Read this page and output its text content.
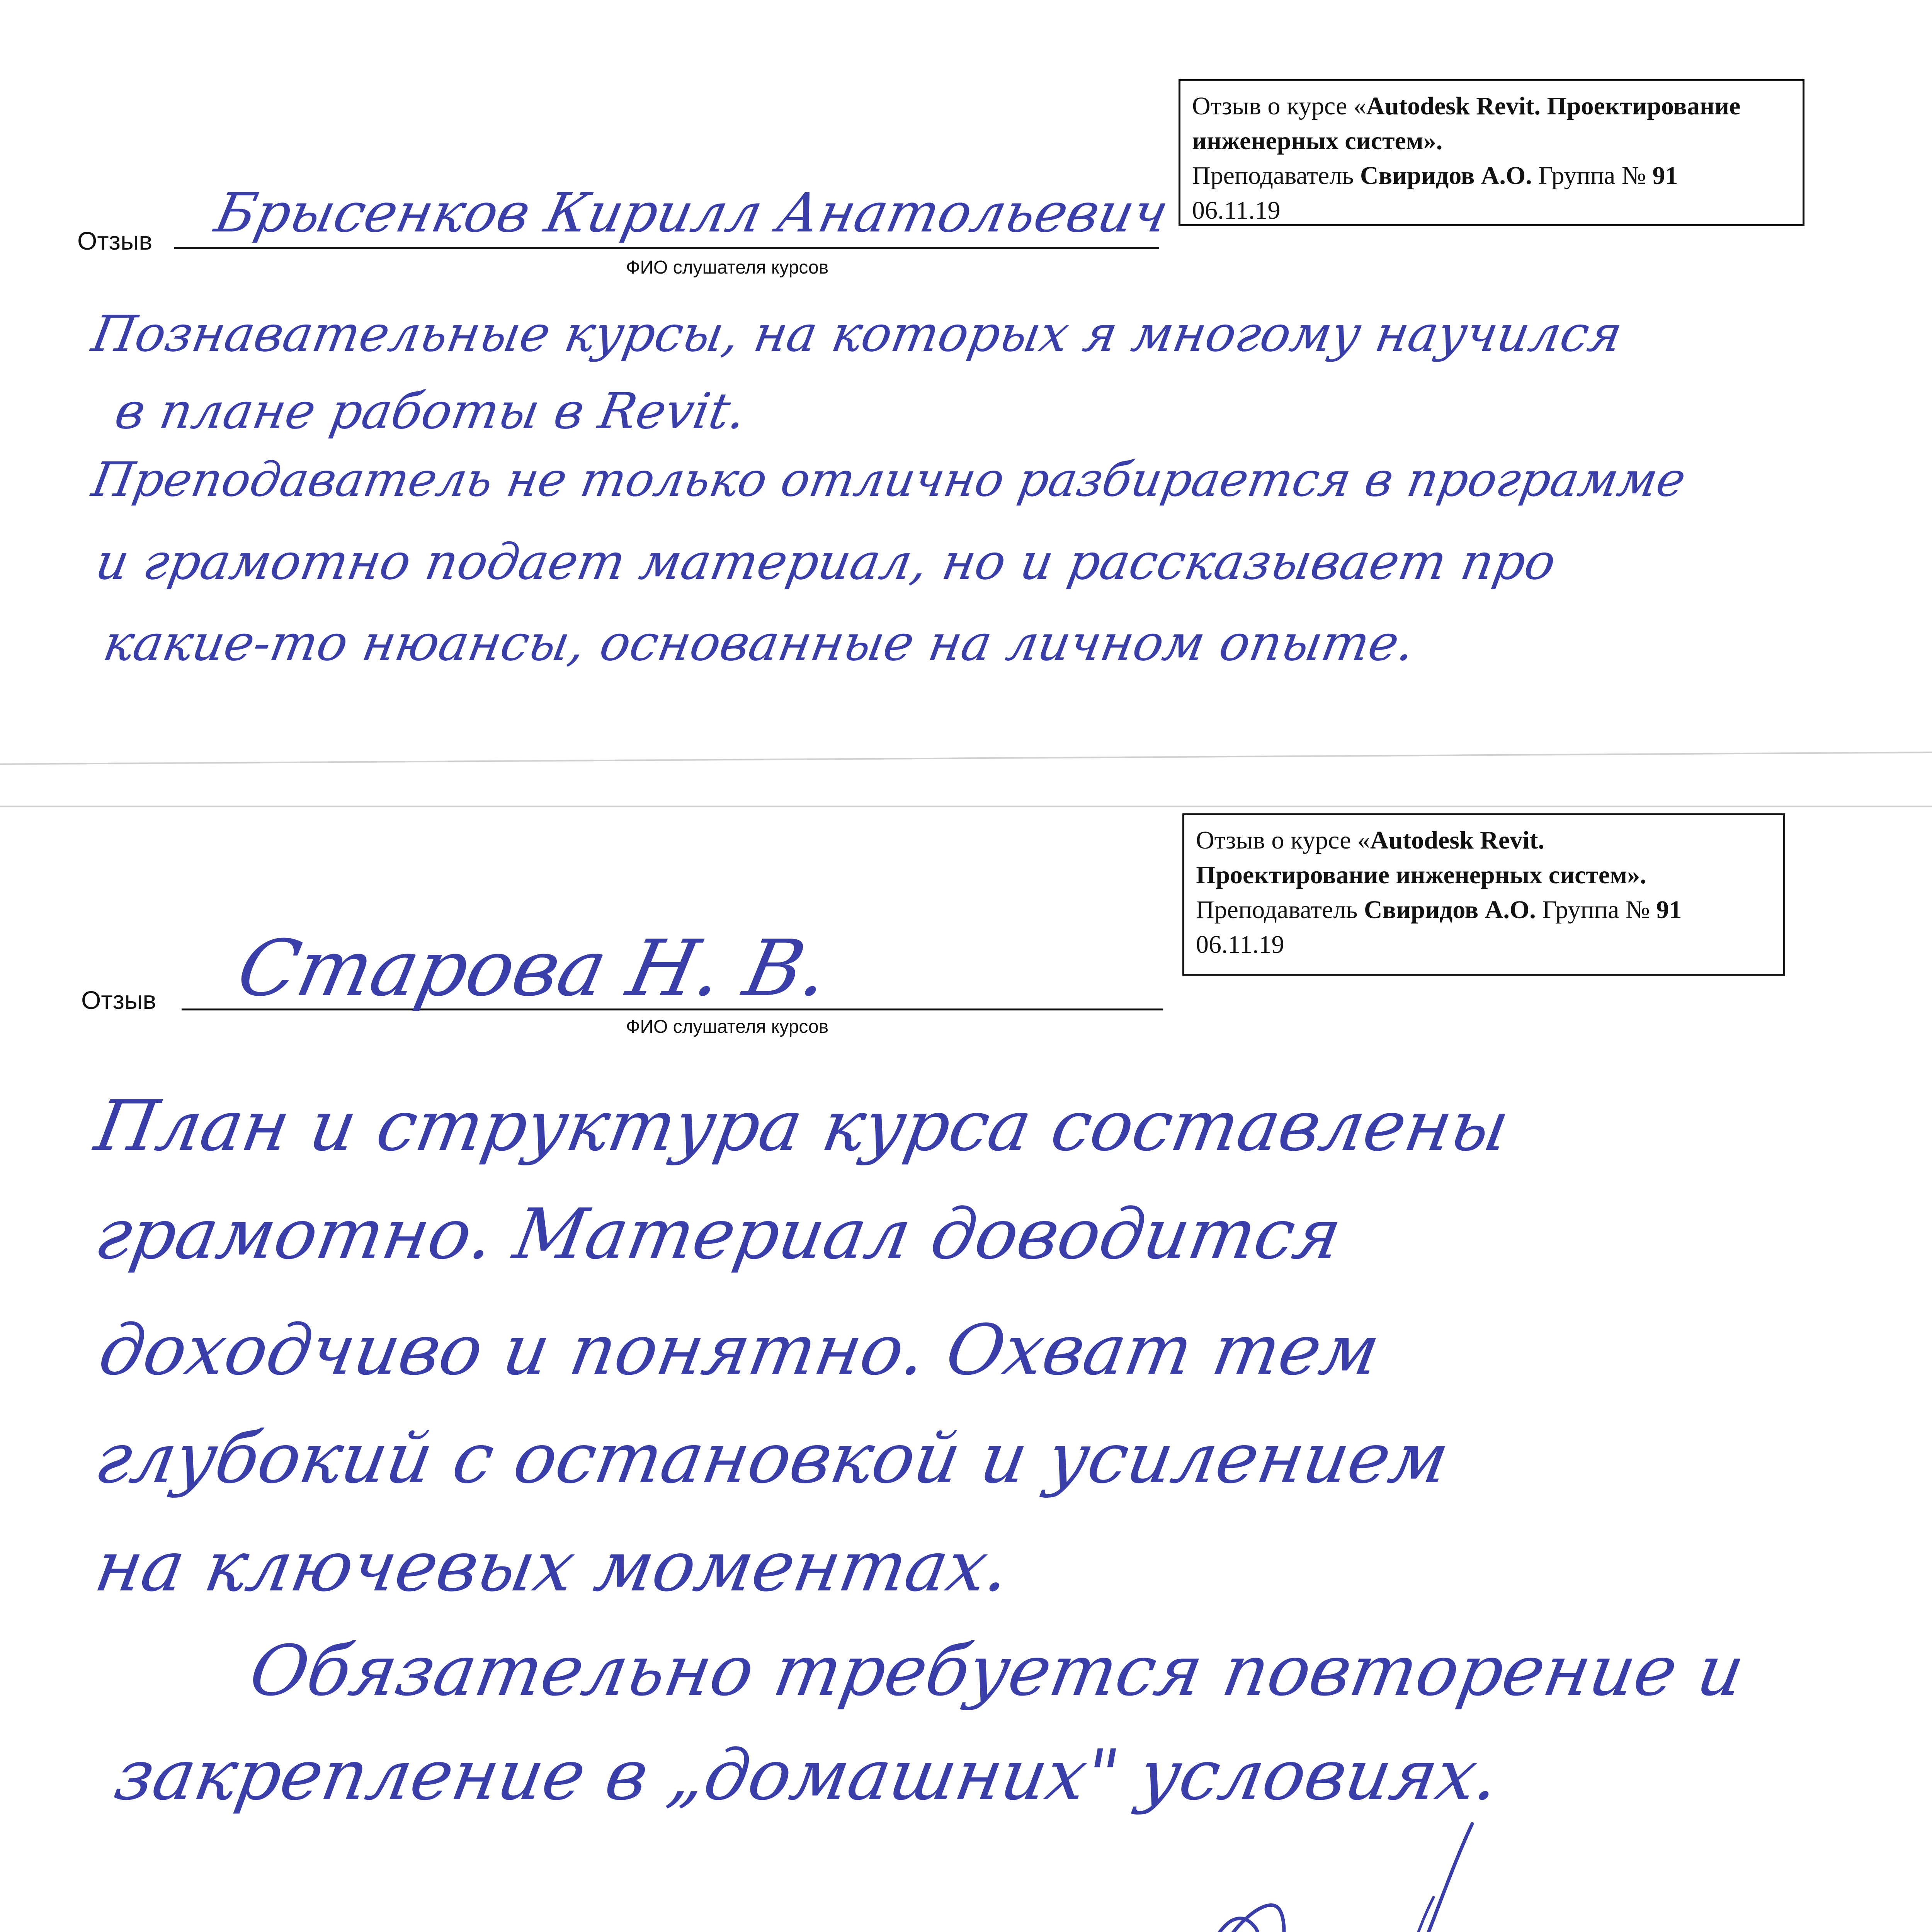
Отзыв о курсе «Autodesk Revit. Проектирование
инженерных систем».
Преподаватель Свиридов А.О. Группа № 91
06.11.19
Отзыв
ФИО слушателя курсов
Брысенков Кирилл Анатольевич
Познавательные курсы, на которых я многому научился
в плане работы в Revit.
Преподаватель не только отлично разбирается в программе
и грамотно подает материал, но и рассказывает про
какие-то нюансы, основанные на личном опыте.
Отзыв о курсе «Autodesk Revit.
Проектирование инженерных систем».
Преподаватель Свиридов А.О. Группа № 91
06.11.19
Отзыв
ФИО слушателя курсов
Старова Н. В.
План и структура курса составлены
грамотно. Материал доводится
доходчиво и понятно. Охват тем
глубокий с остановкой и усилением
на ключевых моментах.
Обязательно требуется повторение и
закрепление в „домашних" условиях.
